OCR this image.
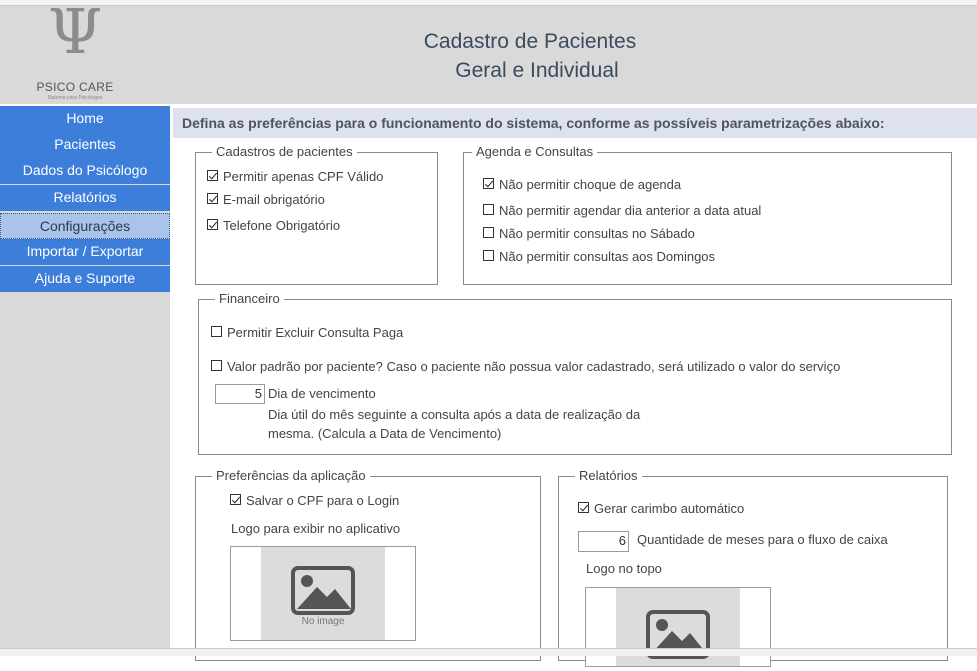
Ψ
PSICO CARE
Sistema para Psicólogos
Cadastro de Pacientes
Geral e Individual
Home
Pacientes
Dados do Psicólogo
Relatórios
Configurações
Importar / Exportar
Ajuda e Suporte
Defina as preferências para o funcionamento do sistema, conforme as possíveis parametrizações abaixo:
Cadastros de pacientes
Permitir apenas CPF Válido
E-mail obrigatório
Telefone Obrigatório
Agenda e Consultas
Não permitir choque de agenda
Não permitir agendar dia anterior a data atual
Não permitir consultas no Sábado
Não permitir consultas aos Domingos
Financeiro
Permitir Excluir Consulta Paga
Valor padrão por paciente? Caso o paciente não possua valor cadastrado, será utilizado o valor do serviço
5 Dia de vencimento
Dia útil do mês seguinte a consulta após a data de realização da
mesma. (Calcula a Data de Vencimento)
Preferências da aplicação
Salvar o CPF para o Login
Logo para exibir no aplicativo
No image
Relatórios
Gerar carimbo automático
6 Quantidade de meses para o fluxo de caixa
Logo no topo
